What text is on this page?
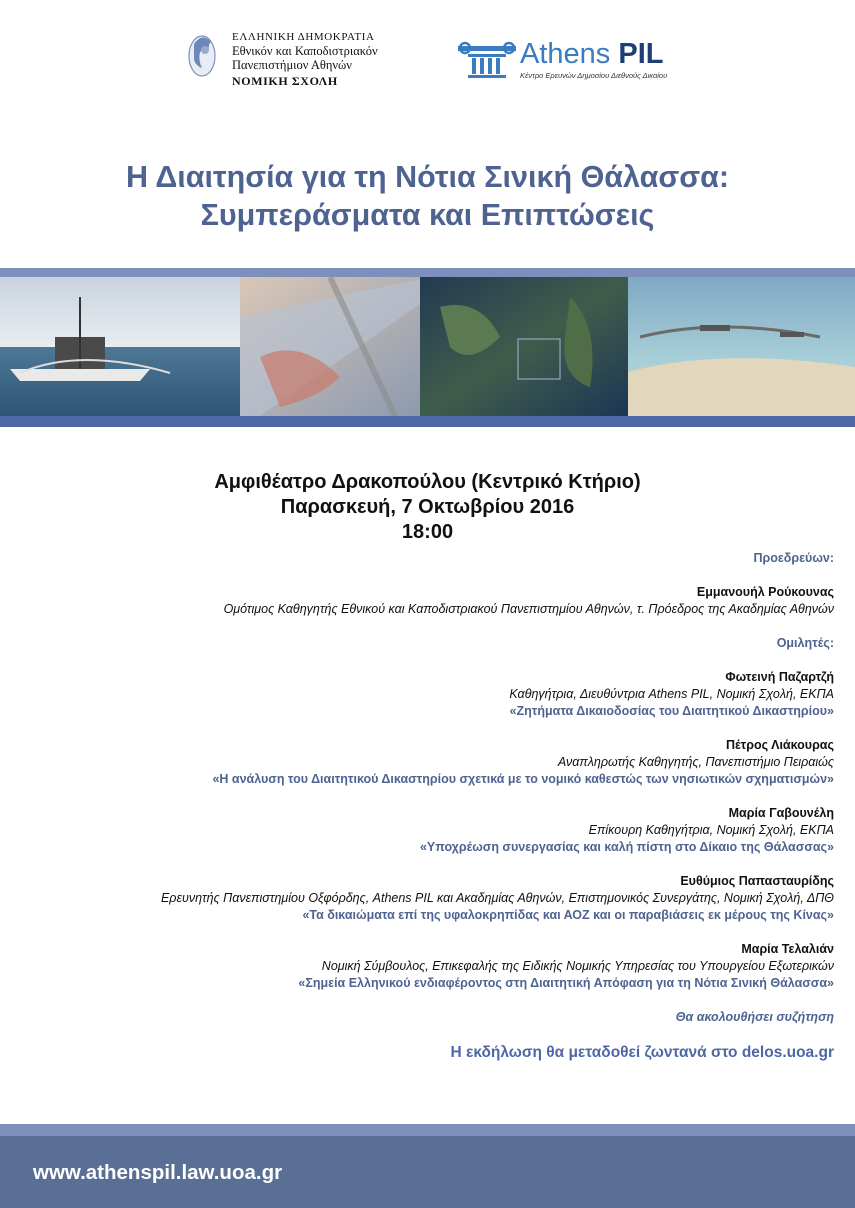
ΕΛΛΗΝΙΚΗ ΔΗΜΟΚΡΑΤΙΑ
Εθνικόν και Καποδιστριακόν
Πανεπιστήμιον Αθηνών
ΝΟΜΙΚΗ ΣΧΟΛΗ
Athens PIL
Κέντρο Ερευνών Δημοσίου Διεθνούς Δικαίου
Η Διαιτησία για τη Νότια Σινική Θάλασσα:
Συμπεράσματα και Επιπτώσεις
Αμφιθέατρο Δρακοπούλου (Κεντρικό Κτήριο)
Παρασκευή, 7 Οκτωβρίου 2016
18:00
Προεδρεύων:
Εμμανουήλ Ρούκουνας
Ομότιμος Καθηγητής Εθνικού και Καποδιστριακού Πανεπιστημίου Αθηνών, τ. Πρόεδρος της Ακαδημίας Αθηνών
Ομιλητές:
Φωτεινή Παζαρτζή
Καθηγήτρια, Διευθύντρια Athens PIL, Νομική Σχολή, ΕΚΠΑ
«Ζητήματα Δικαιοδοσίας του Διαιτητικού Δικαστηρίου»
Πέτρος Λιάκουρας
Αναπληρωτής Καθηγητής, Πανεπιστήμιο Πειραιώς
«Η ανάλυση του Διαιτητικού Δικαστηρίου σχετικά με το νομικό καθεστώς των νησιωτικών σχηματισμών»
Μαρία Γαβουνέλη
Επίκουρη Καθηγήτρια, Νομική Σχολή, ΕΚΠΑ
«Υποχρέωση συνεργασίας και καλή πίστη στο Δίκαιο της Θάλασσας»
Ευθύμιος Παπασταυρίδης
Ερευνητής Πανεπιστημίου Οξφόρδης, Athens PIL και Ακαδημίας Αθηνών, Επιστημονικός Συνεργάτης, Νομική Σχολή, ΔΠΘ
«Τα δικαιώματα επί της υφαλοκρηπίδας και ΑΟΖ και οι παραβιάσεις εκ μέρους της Κίνας»
Μαρία Τελαλιάν
Νομική Σύμβουλος, Επικεφαλής της Ειδικής Νομικής Υπηρεσίας του Υπουργείου Εξωτερικών
«Σημεία Ελληνικού ενδιαφέροντος στη Διαιτητική Απόφαση για τη Νότια Σινική Θάλασσα»
Θα ακολουθήσει συζήτηση
Η εκδήλωση θα μεταδοθεί ζωντανά στο delos.uoa.gr
www.athenspil.law.uoa.gr
